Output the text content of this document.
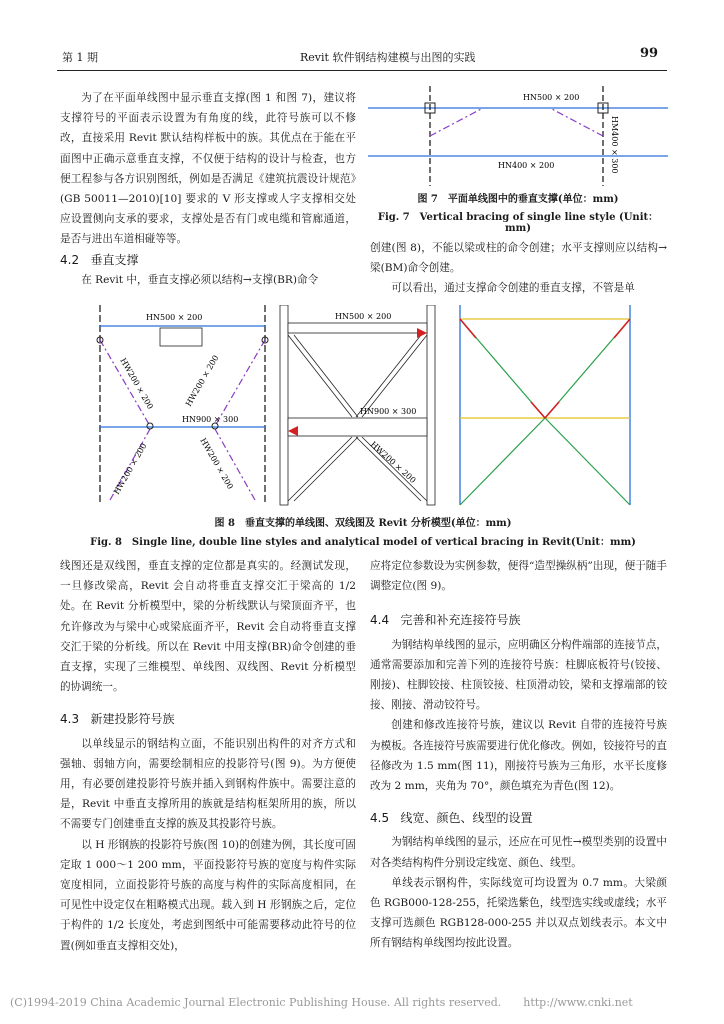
第 1 期	Revit 软件钢结构建模与出图的实践	99

为了在平面单线图中显示垂直支撑(图 1 和图 7)，建议将支撑符号的平面表示设置为有角度的线，此符号族可以不修改，直接采用 Revit 默认结构样板中的族。其优点在于能在平面图中正确示意垂直支撑，不仅便于结构的设计与检查，也方便工程参与各方识别图纸，例如是否满足《建筑抗震设计规范》(GB 50011—2010)[10] 要求的 V 形支撑或人字支撑相交处应设置侧向支承的要求，支撑处是否有门或电缆和管廊通道，是否与进出车道相碰等等。

4.2 垂直支撑

在 Revit 中，垂直支撑必须以结构→支撑(BR)命令

HN500 × 200
HN400 × 200	HM400 × 300
图 7　平面单线图中的垂直支撑(单位：mm)
Fig. 7　Vertical bracing of single line style (Unit：mm)

创建(图 8)，不能以梁或柱的命令创建；水平支撑则应以结构→梁(BM)命令创建。

可以看出，通过支撑命令创建的垂直支撑，不管是单

HN500 × 200
HN900 × 300
HW200 × 200	HW200 × 200
HW200 × 200	HW200 × 200
HN500 × 200
HN900 × 300
HW200 × 200
图 8　垂直支撑的单线图、双线图及 Revit 分析模型(单位：mm)
Fig. 8　Single line, double line styles and analytical model of vertical bracing in Revit(Unit：mm)

线图还是双线图，垂直支撑的定位都是真实的。经测试发现，一旦修改梁高，Revit 会自动将垂直支撑交汇于梁高的 1/2 处。在 Revit 分析模型中，梁的分析线默认与梁顶面齐平，也允许修改为与梁中心或梁底面齐平，Revit 会自动将垂直支撑交汇于梁的分析线。所以在 Revit 中用支撑(BR)命令创建的垂直支撑，实现了三维模型、单线图、双线图、Revit 分析模型的协调统一。

4.3 新建投影符号族

以单线显示的钢结构立面，不能识别出构件的对齐方式和强轴、弱轴方向，需要绘制相应的投影符号(图 9)。为方便使用，有必要创建投影符号族并插入到钢构件族中。需要注意的是，Revit 中垂直支撑所用的族就是结构框架所用的族，所以不需要专门创建垂直支撑的族及其投影符号族。

以 H 形钢族的投影符号族(图 10)的创建为例，其长度可固定取 1 000～1 200 mm，平面投影符号族的宽度与构件实际宽度相同，立面投影符号族的高度与构件的实际高度相同，在可见性中设定仅在粗略模式出现。载入到 H 形钢族之后，定位于构件的 1/2 长度处，考虑到图纸中可能需要移动此符号的位置(例如垂直支撑相交处)，

应将定位参数设为实例参数，便得“造型操纵柄”出现，便于随手调整定位(图 9)。

4.4 完善和补充连接符号族

为钢结构单线图的显示，应明确区分构件端部的连接节点，通常需要添加和完善下列的连接符号族：柱脚底板符号(铰接、刚接)、柱脚铰接、柱顶铰接、柱顶滑动铰，梁和支撑端部的铰接、刚接、滑动铰符号。

创建和修改连接符号族，建议以 Revit 自带的连接符号族为模板。各连接符号族需要进行优化修改。例如，铰接符号的直径修改为 1.5 mm(图 11)，刚接符号族为三角形，水平长度修改为 2 mm，夹角为 70°，颜色填充为青色(图 12)。

4.5 线宽、颜色、线型的设置

为钢结构单线图的显示，还应在可见性→模型类别的设置中对各类结构构件分别设定线宽、颜色、线型。

单线表示钢构件，实际线宽可均设置为 0.7 mm。大梁颜色 RGB000-128-255，托梁选紫色，线型选实线或虚线；水平支撑可选颜色 RGB128-000-255 并以双点划线表示。本文中所有钢结构单线图均按此设置。

(C)1994-2019 China Academic Journal Electronic Publishing House. All rights reserved.　　http://www.cnki.net
